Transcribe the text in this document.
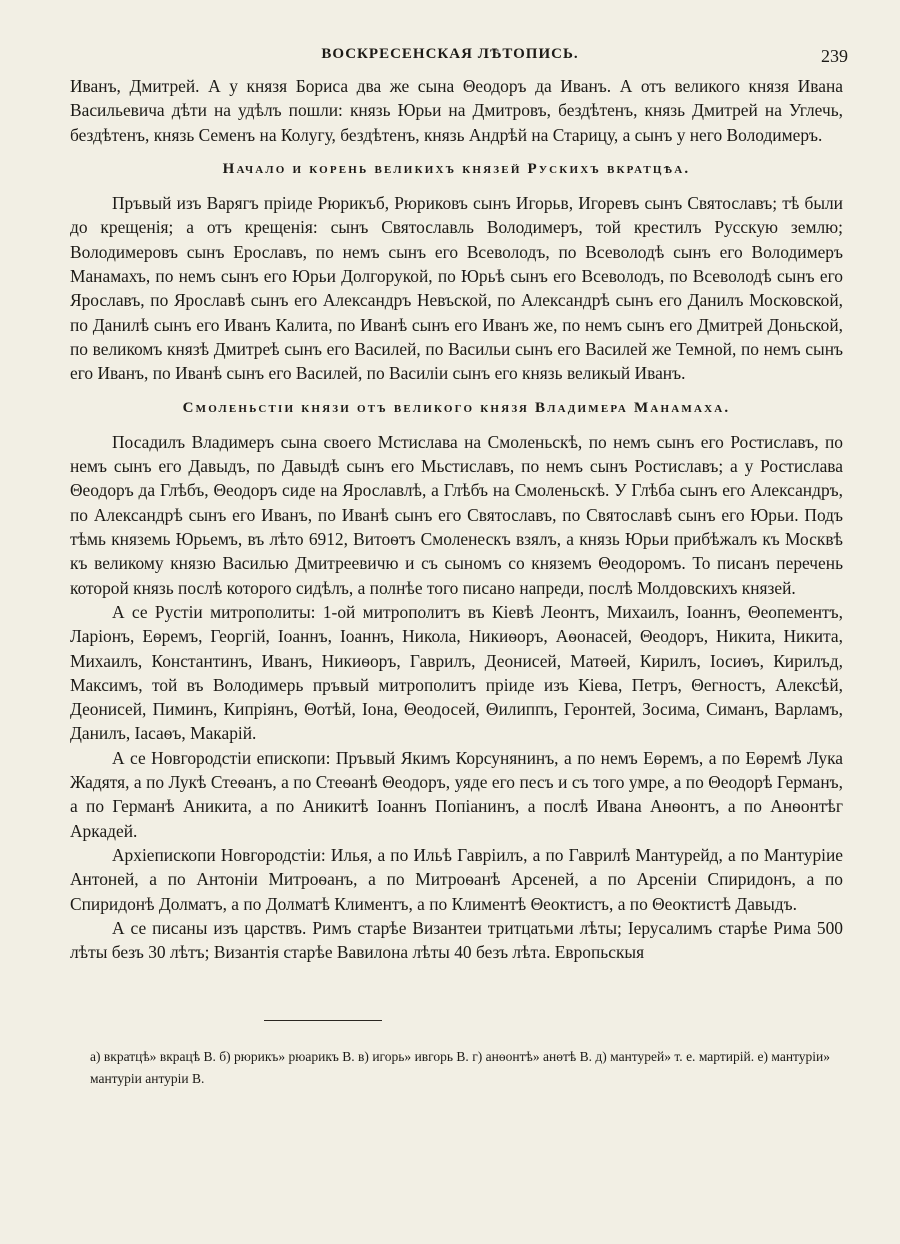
ВОСКРЕСЕНСКАЯ ЛѢТОПИСЬ.	239

Иванъ, Дмитрей. А у князя Бориса два же сына Θеодоръ да Иванъ. А отъ великого князя Ивана Васильевича дѣти на удѣлъ пошли: князь Юрьи на Дмитровъ, бездѣтенъ, князь Дмитрей на Углечь, бездѣтенъ, князь Семенъ на Колугу, бездѣтенъ, князь Андрѣй на Старицу, а сынъ у него Володимеръ.

Начало и корень великихъ князей Рускихъ вкратцѣа.

Пръвый изъ Варягъ пріиде Рюрикъб, Рюриковъ сынъ Игорьв, Игоревъ сынъ Святославъ; тѣ были до крещенія; а отъ крещенія: сынъ Святославль Володимеръ, той крестилъ Русскую землю; Володимеровъ сынъ Ерославъ, по немъ сынъ его Всеволодъ, по Всеволодѣ сынъ его Володимеръ Манамахъ, по немъ сынъ его Юрьи Долгорукой, по Юрьѣ сынъ его Всеволодъ, по Всеволодѣ сынъ его Ярославъ, по Ярославѣ сынъ его Александръ Невъской, по Александрѣ сынъ его Данилъ Московской, по Данилѣ сынъ его Иванъ Калита, по Иванѣ сынъ его Иванъ же, по немъ сынъ его Дмитрей Доньской, по великомъ князѣ Дмитреѣ сынъ его Василей, по Васильи сынъ его Василей же Темной, по немъ сынъ его Иванъ, по Иванѣ сынъ его Василей, по Василіи сынъ его князь великый Иванъ.

Смоленьстіи князи отъ великого князя Владимера Манамаха.

Посадилъ Владимеръ сына своего Мстислава на Смоленьскѣ, по немъ сынъ его Ростиславъ, по немъ сынъ его Давыдъ, по Давыдѣ сынъ его Мьстиславъ, по немъ сынъ Ростиславъ; а у Ростислава Θеодоръ да Глѣбъ, Θеодоръ сиде на Ярославлѣ, а Глѣбъ на Смоленьскѣ. У Глѣба сынъ его Александръ, по Александрѣ сынъ его Иванъ, по Иванѣ сынъ его Святославъ, по Святославѣ сынъ его Юрьи. Подъ тѣмь княземь Юрьемъ, въ лѣто 6912, Витоѳтъ Смоленескъ взялъ, а князь Юрьи прибѣжалъ къ Москвѣ къ великому князю Василью Дмитреевичю и съ сыномъ со княземъ Θеодоромъ. То писанъ перечень которой князь послѣ которого сидѣлъ, а полнѣе того писано напреди, послѣ Молдовскихъ князей.

А се Рустіи митрополиты: 1-ой митрополитъ въ Кіевѣ Леонтъ, Михаилъ, Іоаннъ, Θеопементъ, Ларіонъ, Еѳремъ, Георгій, Іоаннъ, Іоаннъ, Никола, Никиѳоръ, Аѳонасей, Θеодоръ, Никита, Никита, Михаилъ, Константинъ, Иванъ, Никиѳоръ, Гаврилъ, Деонисей, Матѳей, Кирилъ, Іосиѳъ, Кирилъд, Максимъ, той въ Володимерь пръвый митрополитъ пріиде изъ Кіева, Петръ, Θегностъ, Алексѣй, Деонисей, Пиминъ, Кипріянъ, Θотѣй, Іона, Θеодосей, Θилиппъ, Геронтей, Зосима, Симанъ, Варламъ, Данилъ, Іасаѳъ, Макарій.

А се Новгородстіи епископи: Пръвый Якимъ Корсунянинъ, а по немъ Еѳремъ, а по Еѳремѣ Лука Жадятя, а по Лукѣ Стеѳанъ, а по Стеѳанѣ Θеодоръ, уяде его песъ и съ того умре, а по Θеодорѣ Германъ, а по Германѣ Аникита, а по Аникитѣ Іоаннъ Попіанинъ, а послѣ Ивана Анѳонтъ, а по Анѳонтѣг Аркадей.

Архіепископи Новгородстіи: Илья, а по Ильѣ Гавріилъ, а по Гаврилѣ Мантурейд, а по Мантуріие Антоней, а по Антоніи Митроѳанъ, а по Митроѳанѣ Арсеней, а по Арсеніи Спиридонъ, а по Спиридонѣ Долматъ, а по Долматѣ Климентъ, а по Климентѣ Θеоктистъ, а по Θеоктистѣ Давыдъ.

А се писаны изъ царствъ. Римъ старѣе Византеи тритцатьми лѣты; Іерусалимъ старѣе Рима 500 лѣты безъ 30 лѣтъ; Византія старѣе Вавилона лѣты 40 безъ лѣта. Европьскыя

а) вкратцѣ» вкрацѣ В. б) рюрикъ» рюарикъ В. в) игорь» ивгорь В. г) анѳонтѣ» анѳтѣ В. д) мантурей» т. е. мартирій. е) мантуріи» мантуріи антуріи В.
